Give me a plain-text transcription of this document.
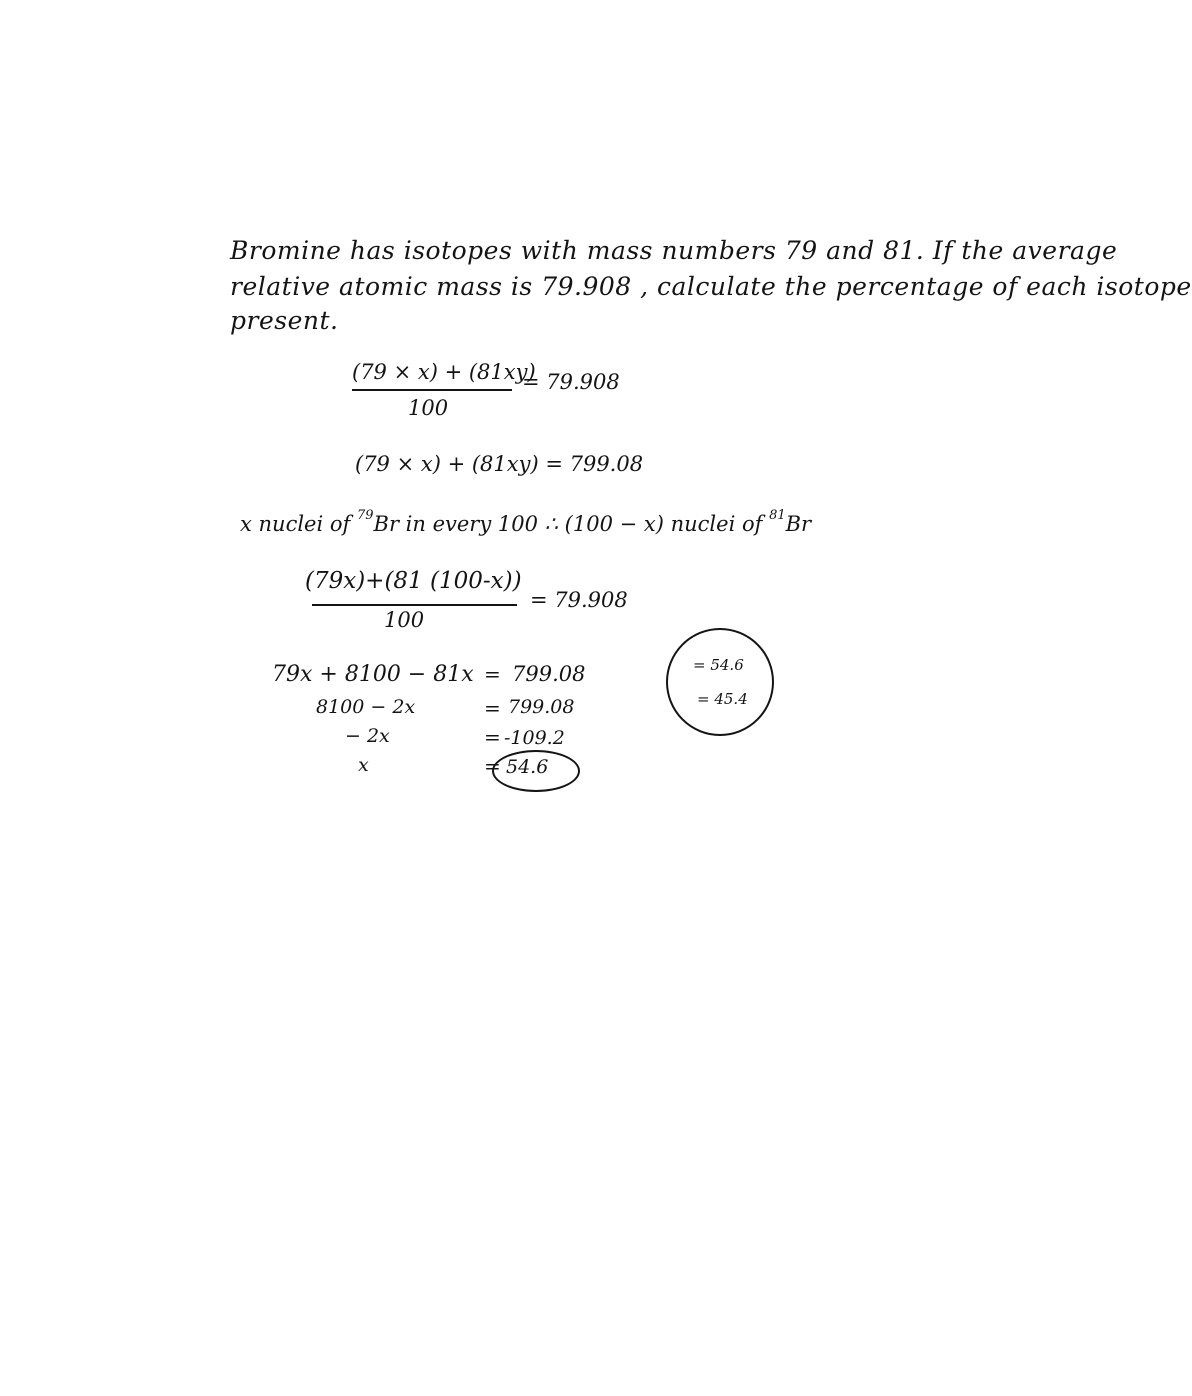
Bromine has isotopes with mass numbers 79 and 81. If the average
relative atomic mass is 79.908 , calculate the percentage of each isotope
present.
(79 × x) + (81xy)
= 79.908
100
(79 × x) + (81xy) = 799.08
x nuclei of $^{79}$Br in every 100 ∴ (100 − x) nuclei of $^{81}$Br
(79x)+(81 (100-x))
= 79.908
100
79x + 8100 − 81x
8100 − 2x
− 2x
x
=
=
=
=
799.08
799.08
-109.2
54.6
= 54.6
= 45.4
